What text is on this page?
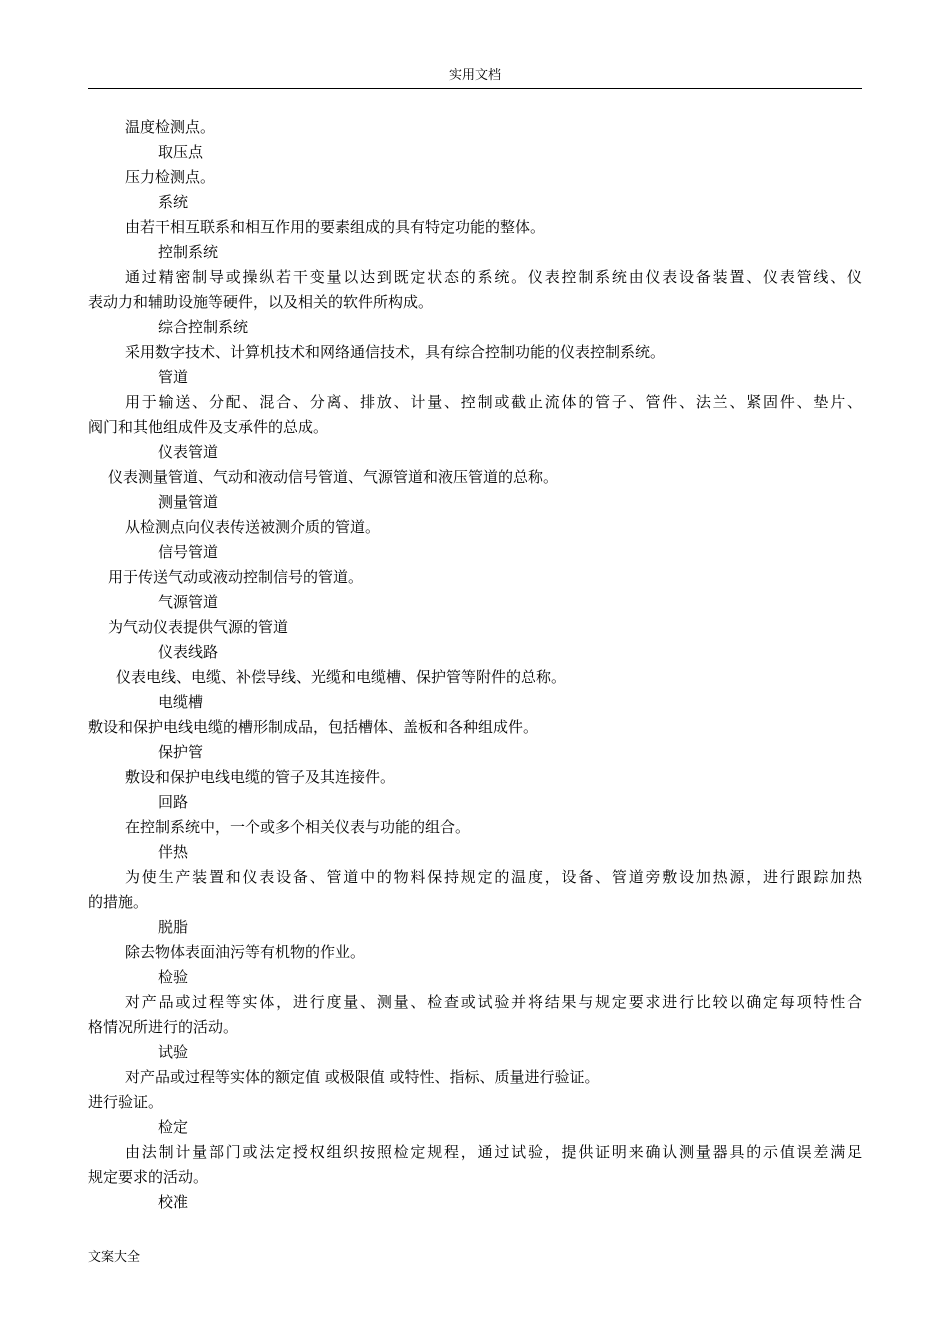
实用文档
温度检测点。
取压点
压力检测点。
系统
由若干相互联系和相互作用的要素组成的具有特定功能的整体。
控制系统
通过精密制导或操纵若干变量以达到既定状态的系统。仪表控制系统由仪表设备装置、仪表管线、仪
表动力和辅助设施等硬件，以及相关的软件所构成。
综合控制系统
采用数字技术、计算机技术和网络通信技术，具有综合控制功能的仪表控制系统。
管道
用于输送、分配、混合、分离、排放、计量、控制或截止流体的管子、管件、法兰、紧固件、垫片、
阀门和其他组成件及支承件的总成。
仪表管道
仪表测量管道、气动和液动信号管道、气源管道和液压管道的总称。
测量管道
从检测点向仪表传送被测介质的管道。
信号管道
用于传送气动或液动控制信号的管道。
气源管道
为气动仪表提供气源的管道
仪表线路
仪表电线、电缆、补偿导线、光缆和电缆槽、保护管等附件的总称。
电缆槽
敷设和保护电线电缆的槽形制成品，包括槽体、盖板和各种组成件。
保护管
敷设和保护电线电缆的管子及其连接件。
回路
在控制系统中，一个或多个相关仪表与功能的组合。
伴热
为使生产装置和仪表设备、管道中的物料保持规定的温度，设备、管道旁敷设加热源，进行跟踪加热
的措施。
脱脂
除去物体表面油污等有机物的作业。
检验
对产品或过程等实体，进行度量、测量、检查或试验并将结果与规定要求进行比较以确定每项特性合
格情况所进行的活动。
试验
对产品或过程等实体的额定值 或极限值 或特性、指标、质量进行验证。
进行验证。
检定
由法制计量部门或法定授权组织按照检定规程，通过试验，提供证明来确认测量器具的示值误差满足
规定要求的活动。
校准
文案大全
